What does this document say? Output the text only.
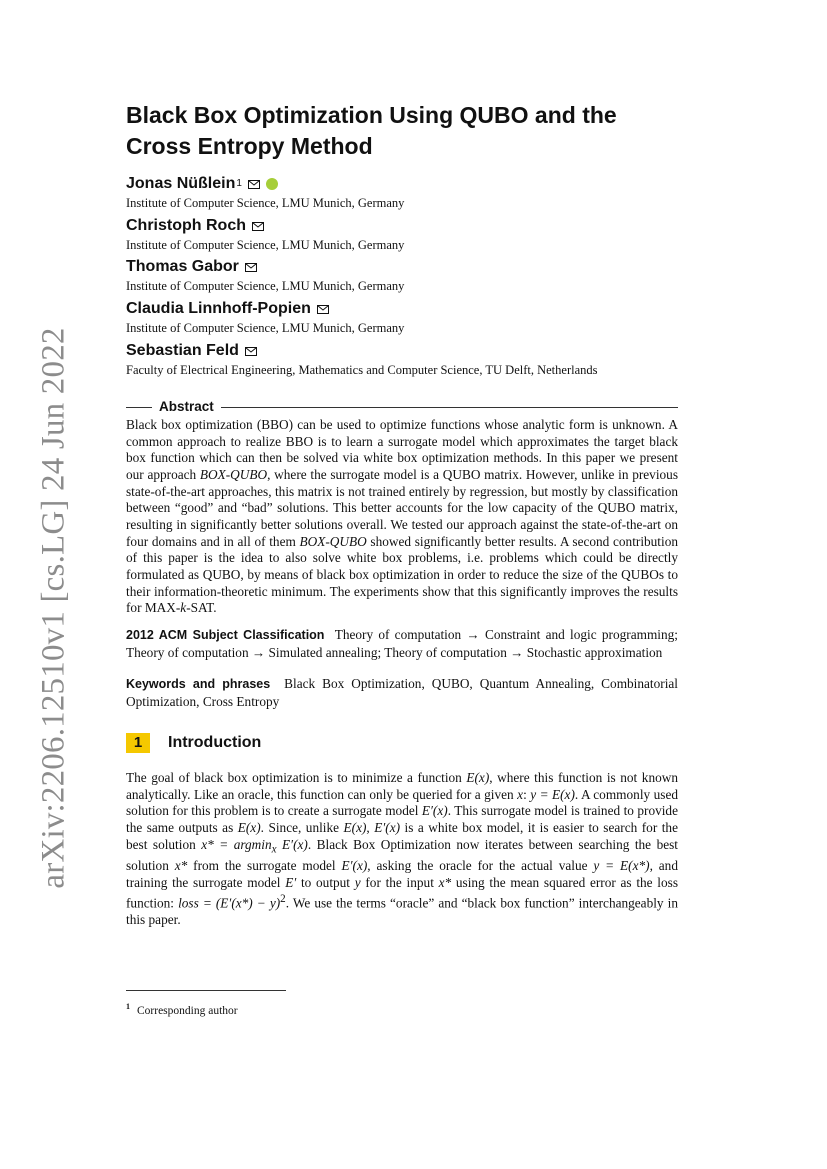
arXiv:2206.12510v1 [cs.LG] 24 Jun 2022
Black Box Optimization Using QUBO and the Cross Entropy Method
Jonas Nüßlein 1
Institute of Computer Science, LMU Munich, Germany
Christoph Roch
Institute of Computer Science, LMU Munich, Germany
Thomas Gabor
Institute of Computer Science, LMU Munich, Germany
Claudia Linnhoff-Popien
Institute of Computer Science, LMU Munich, Germany
Sebastian Feld
Faculty of Electrical Engineering, Mathematics and Computer Science, TU Delft, Netherlands
Abstract

Black box optimization (BBO) can be used to optimize functions whose analytic form is unknown. A common approach to realize BBO is to learn a surrogate model which approximates the target black box function which can then be solved via white box optimization methods. In this paper we present our approach BOX-QUBO, where the surrogate model is a QUBO matrix. However, unlike in previous state-of-the-art approaches, this matrix is not trained entirely by regression, but mostly by classification between “good” and “bad” solutions. This better accounts for the low capacity of the QUBO matrix, resulting in significantly better solutions overall. We tested our approach against the state-of-the-art on four domains and in all of them BOX-QUBO showed significantly better results. A second contribution of this paper is the idea to also solve white box problems, i.e. problems which could be directly formulated as QUBO, by means of black box optimization in order to reduce the size of the QUBOs to their information-theoretic minimum. The experiments show that this significantly improves the results for MAX-k-SAT.

2012 ACM Subject Classification Theory of computation → Constraint and logic programming; Theory of computation → Simulated annealing; Theory of computation → Stochastic approximation

Keywords and phrases Black Box Optimization, QUBO, Quantum Annealing, Combinatorial Optimization, Cross Entropy

1	Introduction

The goal of black box optimization is to minimize a function E(x), where this function is not known analytically. Like an oracle, this function can only be queried for a given x: y = E(x). A commonly used solution for this problem is to create a surrogate model E′(x). This surrogate model is trained to provide the same outputs as E(x). Since, unlike E(x), E′(x) is a white box model, it is easier to search for the best solution x* = argmin$_x$ E′(x). Black Box Optimization now iterates between searching the best solution x* from the surrogate model E′(x), asking the oracle for the actual value y = E(x*), and training the surrogate model E′ to output y for the input x* using the mean squared error as the loss function: loss = $(E'(x*) - y)^2$. We use the terms “oracle” and “black box function” interchangeably in this paper.

$^1$ Corresponding author
